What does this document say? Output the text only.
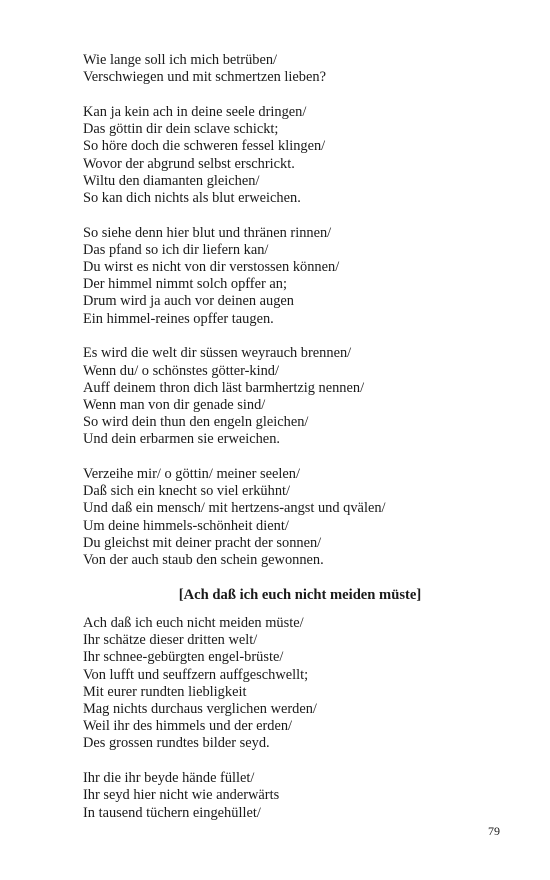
Wie lange soll ich mich betrüben/
Verschwiegen und mit schmertzen lieben?
Kan ja kein ach in deine seele dringen/
Das göttin dir dein sclave schickt;
So höre doch die schweren fessel klingen/
Wovor der abgrund selbst erschrickt.
Wiltu den diamanten gleichen/
So kan dich nichts als blut erweichen.
So siehe denn hier blut und thränen rinnen/
Das pfand so ich dir liefern kan/
Du wirst es nicht von dir verstossen können/
Der himmel nimmt solch opffer an;
Drum wird ja auch vor deinen augen
Ein himmel-reines opffer taugen.
Es wird die welt dir süssen weyrauch brennen/
Wenn du/ o schönstes götter-kind/
Auff deinem thron dich läst barmhertzig nennen/
Wenn man von dir genade sind/
So wird dein thun den engeln gleichen/
Und dein erbarmen sie erweichen.
Verzeihe mir/ o göttin/ meiner seelen/
Daß sich ein knecht so viel erkühnt/
Und daß ein mensch/ mit hertzens-angst und qvälen/
Um deine himmels-schönheit dient/
Du gleichst mit deiner pracht der sonnen/
Von der auch staub den schein gewonnen.
[Ach daß ich euch nicht meiden müste]
Ach daß ich euch nicht meiden müste/
Ihr schätze dieser dritten welt/
Ihr schnee-gebürgten engel-brüste/
Von lufft und seuffzern auffgeschwellt;
Mit eurer rundten liebligkeit
Mag nichts durchaus verglichen werden/
Weil ihr des himmels und der erden/
Des grossen rundtes bilder seyd.
Ihr die ihr beyde hände füllet/
Ihr seyd hier nicht wie anderwärts
In tausend tüchern eingehüllet/
79
